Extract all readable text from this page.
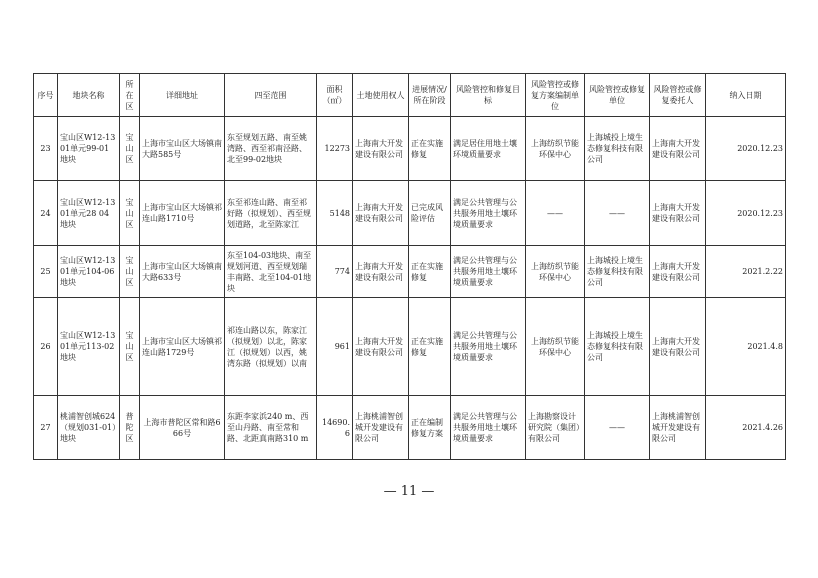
序号	地块名称	所在区	详细地址	四至范围	面积（㎡）	土地使用权人	进展情况/所在阶段	风险管控和修复目标	风险管控或修复方案编制单位	风险管控或修复单位	风险管控或修复委托人	纳入日期
23	宝山区W12-1301单元99-01地块	宝山区	上海市宝山区大场镇南大路585号	东至规划五路、南至姚湾路、西至祁南泾路、北至99-02地块	12273	上海南大开发建设有限公司	正在实施修复	满足居住用地土壤环境质量要求	上海纺织节能环保中心	上海城投上境生态修复科技有限公司	上海南大开发建设有限公司	2020.12.23
24	宝山区W12-1301单元28 04地块	宝山区	上海市宝山区大场镇祁连山路1710号	东至祁连山路、南至祁好路（拟规划）、西至规划道路，北至陈家江	5148	上海南大开发建设有限公司	已完成风险评估	满足公共管理与公共服务用地土壤环境质量要求	——	——	上海南大开发建设有限公司	2020.12.23
25	宝山区W12-1301单元104-06地块	宝山区	上海市宝山区大场镇南大路633号	东至104-03地块、南至规划河道、西至规划瑞丰南路、北至104-01地块	774	上海南大开发建设有限公司	正在实施修复	满足公共管理与公共服务用地土壤环境质量要求	上海纺织节能环保中心	上海城投上境生态修复科技有限公司	上海南大开发建设有限公司	2021.2.22
26	宝山区W12-1301单元113-02地块	宝山区	上海市宝山区大场镇祁连山路1729号	祁连山路以东，陈家江（拟规划）以北，陈家江（拟规划）以西，姚湾东路（拟规划）以南	961	上海南大开发建设有限公司	正在实施修复	满足公共管理与公共服务用地土壤环境质量要求	上海纺织节能环保中心	上海城投上境生态修复科技有限公司	上海南大开发建设有限公司	2021.4.8
27	桃浦智创城624（规划031-01）地块	普陀区	上海市普陀区常和路666号	东距李家浜240 m、西至山丹路、南至常和路、北距真南路310 m	14690.6	上海桃浦智创城开发建设有限公司	正在编制修复方案	满足公共管理与公共服务用地土壤环境质量要求	上海勘察设计研究院（集团）有限公司	——	上海桃浦智创城开发建设有限公司	2021.4.26
— 11 —
